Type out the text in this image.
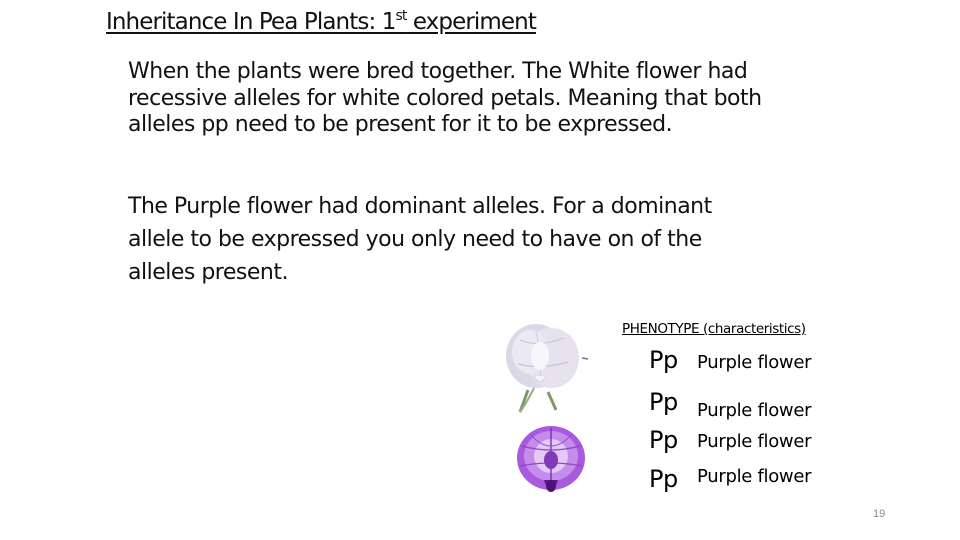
Inheritance In Pea Plants: 1st experiment
When the plants were bred together. The White flower had
recessive alleles for white colored petals. Meaning that both
alleles pp need to be present for it to be expressed.
The Purple flower had dominant alleles. For a dominant
allele to be expressed you only need to have on of the
alleles present.
PHENOTYPE (characteristics)
Pp Purple flower
Pp Purple flower
Pp Purple flower
Pp Purple flower
19
